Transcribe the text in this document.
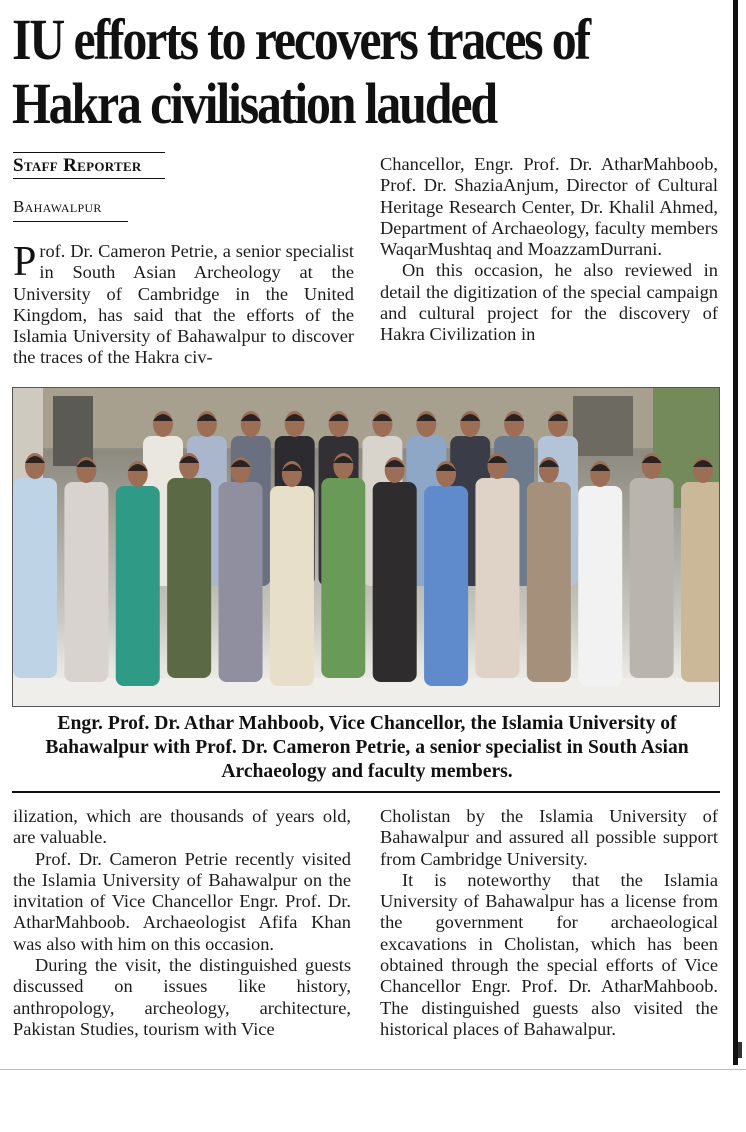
IU efforts to recovers traces of
Hakra civilisation lauded
Staff Reporter
Bahawalpur

Prof. Dr. Cameron Petrie, a senior specialist in South Asian Archeology at the University of Cambridge in the United Kingdom, has said that the efforts of the Islamia University of Bahawalpur to discover the traces of the Hakra civ-

Chancellor, Engr. Prof. Dr. AtharMahboob, Prof. Dr. ShaziaAnjum, Director of Cultural Heritage Research Center, Dr. Khalil Ahmed, Department of Archaeology, faculty members WaqarMushtaq and MoazzamDurrani.

On this occasion, he also reviewed in detail the digitization of the special campaign and cultural project for the discovery of Hakra Civilization in

Engr. Prof. Dr. Athar Mahboob, Vice Chancellor, the Islamia University of Bahawalpur with Prof. Dr. Cameron Petrie, a senior specialist in South Asian Archaeology and faculty members.

ilization, which are thousands of years old, are valuable.

Prof. Dr. Cameron Petrie recently visited the Islamia University of Bahawalpur on the invitation of Vice Chancellor Engr. Prof. Dr. AtharMahboob. Archaeologist Afifa Khan was also with him on this occasion.

During the visit, the distinguished guests discussed on issues like history, anthropology, archeology, architecture, Pakistan Studies, tourism with Vice

Cholistan by the Islamia University of Bahawalpur and assured all possible support from Cambridge University.

It is noteworthy that the Islamia University of Bahawalpur has a license from the government for archaeological excavations in Cholistan, which has been obtained through the special efforts of Vice Chancellor Engr. Prof. Dr. AtharMahboob. The distinguished guests also visited the historical places of Bahawalpur.
